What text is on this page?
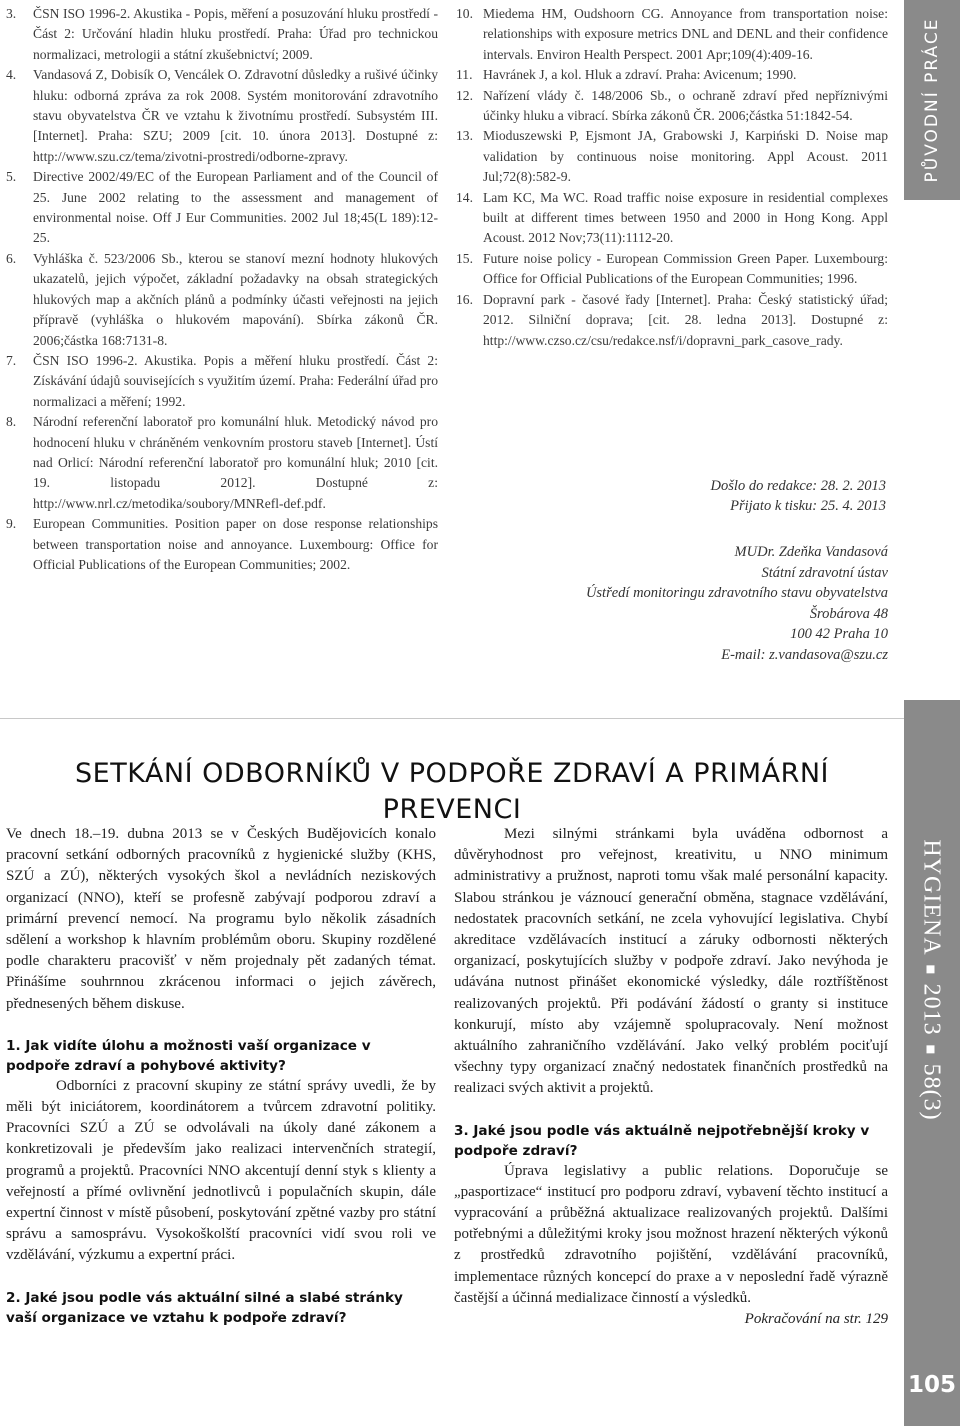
3.	ČSN ISO 1996-2. Akustika - Popis, měření a posuzování hluku prostředí - Část 2: Určování hladin hluku prostředí. Praha: Úřad pro technickou normalizaci, metrologii a státní zkušebnictví; 2009.
4.	Vandasová Z, Dobisík O, Vencálek O. Zdravotní důsledky a rušivé účinky hluku: odborná zpráva za rok 2008. Systém monitorování zdravotního stavu obyvatelstva ČR ve vztahu k životnímu prostředí. Subsystém III. [Internet]. Praha: SZU; 2009 [cit. 10. února 2013]. Dostupné z: http://www.szu.cz/tema/zivotni-prostredi/odborne-zpravy.
5.	Directive 2002/49/EC of the European Parliament and of the Council of 25. June 2002 relating to the assessment and management of environmental noise. Off J Eur Communities. 2002 Jul 18;45(L 189):12-25.
6.	Vyhláška č. 523/2006 Sb., kterou se stanoví mezní hodnoty hlukových ukazatelů, jejich výpočet, základní požadavky na obsah strategických hlukových map a akčních plánů a podmínky účasti veřejnosti na jejich přípravě (vyhláška o hlukovém mapování). Sbírka zákonů ČR. 2006;částka 168:7131-8.
7.	ČSN ISO 1996-2. Akustika. Popis a měření hluku prostředí. Část 2: Získávání údajů souvisejících s využitím území. Praha: Federální úřad pro normalizaci a měření; 1992.
8.	Národní referenční laboratoř pro komunální hluk. Metodický návod pro hodnocení hluku v chráněném venkovním prostoru staveb [Internet]. Ústí nad Orlicí: Národní referenční laboratoř pro komunální hluk; 2010 [cit. 19. listopadu 2012]. Dostupné z: http://www.nrl.cz/metodika/soubory/MNRefl-def.pdf.
9.	European Communities. Position paper on dose response relationships between transportation noise and annoyance. Luxembourg: Office for Official Publications of the European Communities; 2002.
10. Miedema HM, Oudshoorn CG. Annoyance from transportation noise: relationships with exposure metrics DNL and DENL and their confidence intervals. Environ Health Perspect. 2001 Apr;109(4):409-16.
11. Havránek J, a kol. Hluk a zdraví. Praha: Avicenum; 1990.
12. Nařízení vlády č. 148/2006 Sb., o ochraně zdraví před nepříznivými účinky hluku a vibrací. Sbírka zákonů ČR. 2006;částka 51:1842-54.
13. Mioduszewski P, Ejsmont JA, Grabowski J, Karpiński D. Noise map validation by continuous noise monitoring. Appl Acoust. 2011 Jul;72(8):582-9.
14. Lam KC, Ma WC. Road traffic noise exposure in residential complexes built at different times between 1950 and 2000 in Hong Kong. Appl Acoust. 2012 Nov;73(11):1112-20.
15. Future noise policy - European Commission Green Paper. Luxembourg: Office for Official Publications of the European Communities; 1996.
16. Dopravní park - časové řady [Internet]. Praha: Český statistický úřad; 2012. Silniční doprava; [cit. 28. ledna 2013]. Dostupné z: http://www.czso.cz/csu/redakce.nsf/i/dopravni_park_casove_rady.
PŮVODNÍ PRÁCE
Došlo do redakce: 28. 2. 2013
Přijato k tisku: 25. 4. 2013
MUDr. Zdeňka Vandasová
Státní zdravotní ústav
Ústředí monitoringu zdravotního stavu obyvatelstva
Šrobárova 48
100 42 Praha 10
E-mail: z.vandasova@szu.cz
HYGIENA201358(3)
105
SETKÁNÍ ODBORNÍKŮ V PODPOŘE ZDRAVÍ A PRIMÁRNÍ
PREVENCI

Ve dnech 18.–19. dubna 2013 se v Českých Budějovicích konalo pracovní setkání odborných pracovníků z hygienické služby (KHS, SZÚ a ZÚ), některých vysokých škol a nevládních neziskových organizací (NNO), kteří se profesně zabývají podporou zdraví a primární prevencí nemocí. Na programu bylo několik zásadních sdělení a workshop k hlavním problémům oboru. Skupiny rozdělené podle charakteru pracovišť v něm projednaly pět zadaných témat. Přinášíme souhrnnou zkrácenou informaci o jejich závěrech, přednesených během diskuse.

1. Jak vidíte úlohu a možnosti vaší organizace v podpoře zdraví a pohybové aktivity?

Odborníci z pracovní skupiny ze státní správy uvedli, že by měli být iniciátorem, koordinátorem a tvůrcem zdravotní politiky. Pracovníci SZÚ a ZÚ se odvolávali na úkoly dané zákonem a konkretizovali je především jako realizaci intervenčních strategií, programů a projektů. Pracovníci NNO akcentují denní styk s klienty a veřejností a přímé ovlivnění jednotlivců i populačních skupin, dále expertní činnost v místě působení, poskytování zpětné vazby pro státní správu a samosprávu. Vysokoškolští pracovníci vidí svou roli ve vzdělávání, výzkumu a expertní práci.

2. Jaké jsou podle vás aktuální silné a slabé stránky vaší organizace ve vztahu k podpoře zdraví?

Mezi silnými stránkami byla uváděna odbornost a důvěryhodnost pro veřejnost, kreativitu, u NNO minimum administrativy a pružnost, naproti tomu však malé personální kapacity. Slabou stránkou je váznoucí generační obměna, stagnace vzdělávání, nedostatek pracovních setkání, ne zcela vyhovující legislativa. Chybí akreditace vzdělávacích institucí a záruky odbornosti některých organizací, poskytujících služby v podpoře zdraví. Jako nevýhoda je udávána nutnost přinášet ekonomické výsledky, dále roztříštěnost realizovaných projektů. Při podávání žádostí o granty si instituce konkurují, místo aby vzájemně spolupracovaly. Není možnost aktuálního zahraničního vzdělávání. Jako velký problém pociťují všechny typy organizací značný nedostatek finančních prostředků na realizaci svých aktivit a projektů.

3. Jaké jsou podle vás aktuálně nejpotřebnější kroky v podpoře zdraví?

Úprava legislativy a public relations. Doporučuje se „pasportizace“ institucí pro podporu zdraví, vybavení těchto institucí a vypracování a průběžná aktualizace realizovaných projektů. Dalšími potřebnými a důležitými kroky jsou možnost hrazení některých výkonů z prostředků zdravotního pojištění, vzdělávání pracovníků, implementace různých koncepcí do praxe a v neposlední řadě výrazně častější a účinná medializace činností a výsledků.

Pokračování na str. 129
